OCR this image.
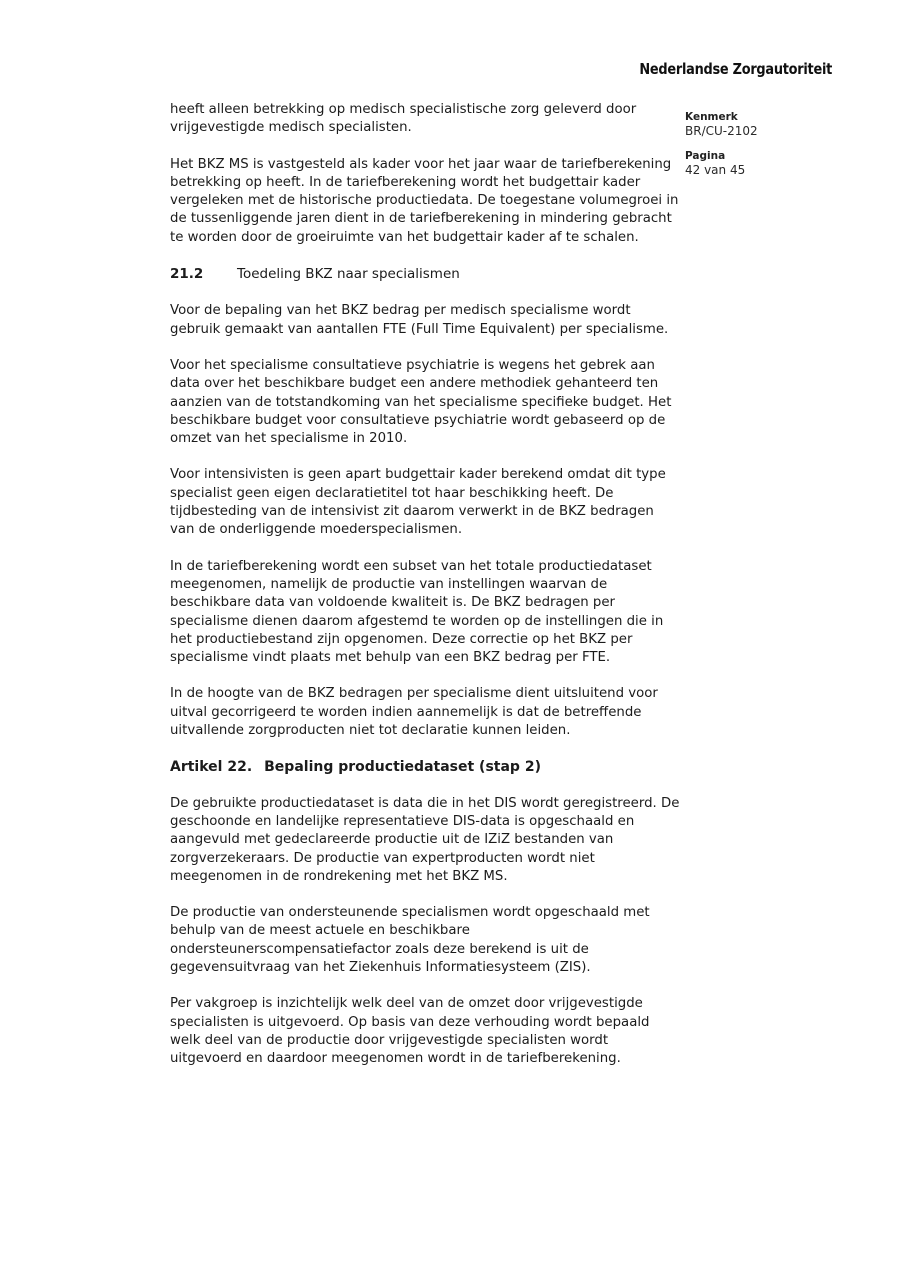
Nederlandse Zorgautoriteit
Kenmerk
BR/CU-2102
Pagina
42 van 45

heeft alleen betrekking op medisch specialistische zorg geleverd door vrijgevestigde medisch specialisten.

Het BKZ MS is vastgesteld als kader voor het jaar waar de tariefberekening betrekking op heeft. In de tariefberekening wordt het budgettair kader vergeleken met de historische productiedata. De toegestane volumegroei in de tussenliggende jaren dient in de tariefberekening in mindering gebracht te worden door de groeiruimte van het budgettair kader af te schalen.

21.2	Toedeling BKZ naar specialismen

Voor de bepaling van het BKZ bedrag per medisch specialisme wordt gebruik gemaakt van aantallen FTE (Full Time Equivalent) per specialisme.

Voor het specialisme consultatieve psychiatrie is wegens het gebrek aan data over het beschikbare budget een andere methodiek gehanteerd ten aanzien van de totstandkoming van het specialisme specifieke budget. Het beschikbare budget voor consultatieve psychiatrie wordt gebaseerd op de omzet van het specialisme in 2010.

Voor intensivisten is geen apart budgettair kader berekend omdat dit type specialist geen eigen declaratietitel tot haar beschikking heeft. De tijdbesteding van de intensivist zit daarom verwerkt in de BKZ bedragen van de onderliggende moederspecialismen.

In de tariefberekening wordt een subset van het totale productiedataset meegenomen, namelijk de productie van instellingen waarvan de beschikbare data van voldoende kwaliteit is. De BKZ bedragen per specialisme dienen daarom afgestemd te worden op de instellingen die in het productiebestand zijn opgenomen. Deze correctie op het BKZ per specialisme vindt plaats met behulp van een BKZ bedrag per FTE.

In de hoogte van de BKZ bedragen per specialisme dient uitsluitend voor uitval gecorrigeerd te worden indien aannemelijk is dat de betreffende uitvallende zorgproducten niet tot declaratie kunnen leiden.

Artikel 22. Bepaling productiedataset (stap 2)

De gebruikte productiedataset is data die in het DIS wordt geregistreerd. De geschoonde en landelijke representatieve DIS-data is opgeschaald en aangevuld met gedeclareerde productie uit de IZiZ bestanden van zorgverzekeraars. De productie van expertproducten wordt niet meegenomen in de rondrekening met het BKZ MS.

De productie van ondersteunende specialismen wordt opgeschaald met behulp van de meest actuele en beschikbare ondersteunerscompensatiefactor zoals deze berekend is uit de gegevensuitvraag van het Ziekenhuis Informatiesysteem (ZIS).

Per vakgroep is inzichtelijk welk deel van de omzet door vrijgevestigde specialisten is uitgevoerd. Op basis van deze verhouding wordt bepaald welk deel van de productie door vrijgevestigde specialisten wordt uitgevoerd en daardoor meegenomen wordt in de tariefberekening.
